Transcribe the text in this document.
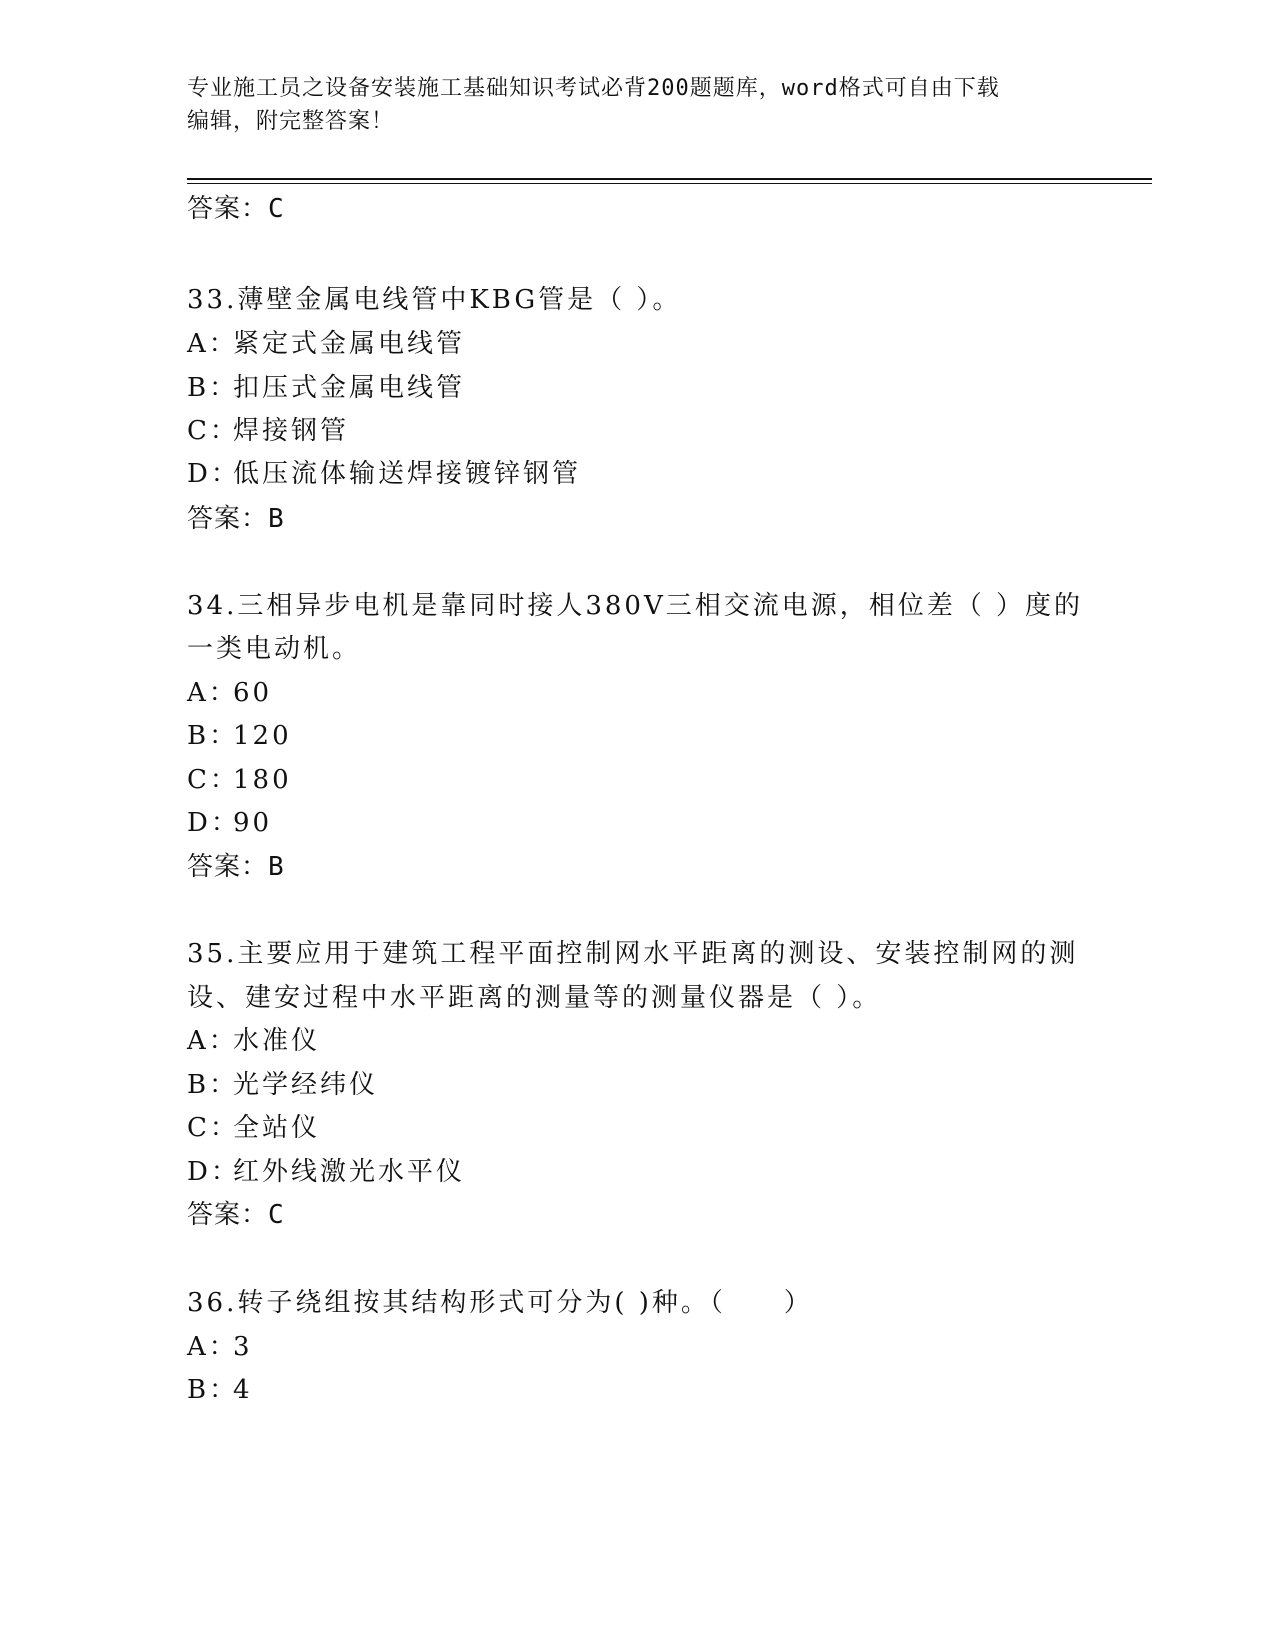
专业施工员之设备安装施工基础知识考试必背200题题库，word格式可自由下载
编辑，附完整答案！
答案：C
33.薄壁金属电线管中KBG管是（ ）。
A：紧定式金属电线管
B：扣压式金属电线管
C：焊接钢管
D：低压流体输送焊接镀锌钢管
答案：B
34.三相异步电机是靠同时接人380V三相交流电源，相位差（ ）度的
一类电动机。
A：60
B：120
C：180
D：90
答案：B
35.主要应用于建筑工程平面控制网水平距离的测设、安装控制网的测
设、建安过程中水平距离的测量等的测量仪器是（ ）。
A：水准仪
B：光学经纬仪
C：全站仪
D：红外线激光水平仪
答案：C
36.转子绕组按其结构形式可分为( )种。（　　）
A：3
B：4
